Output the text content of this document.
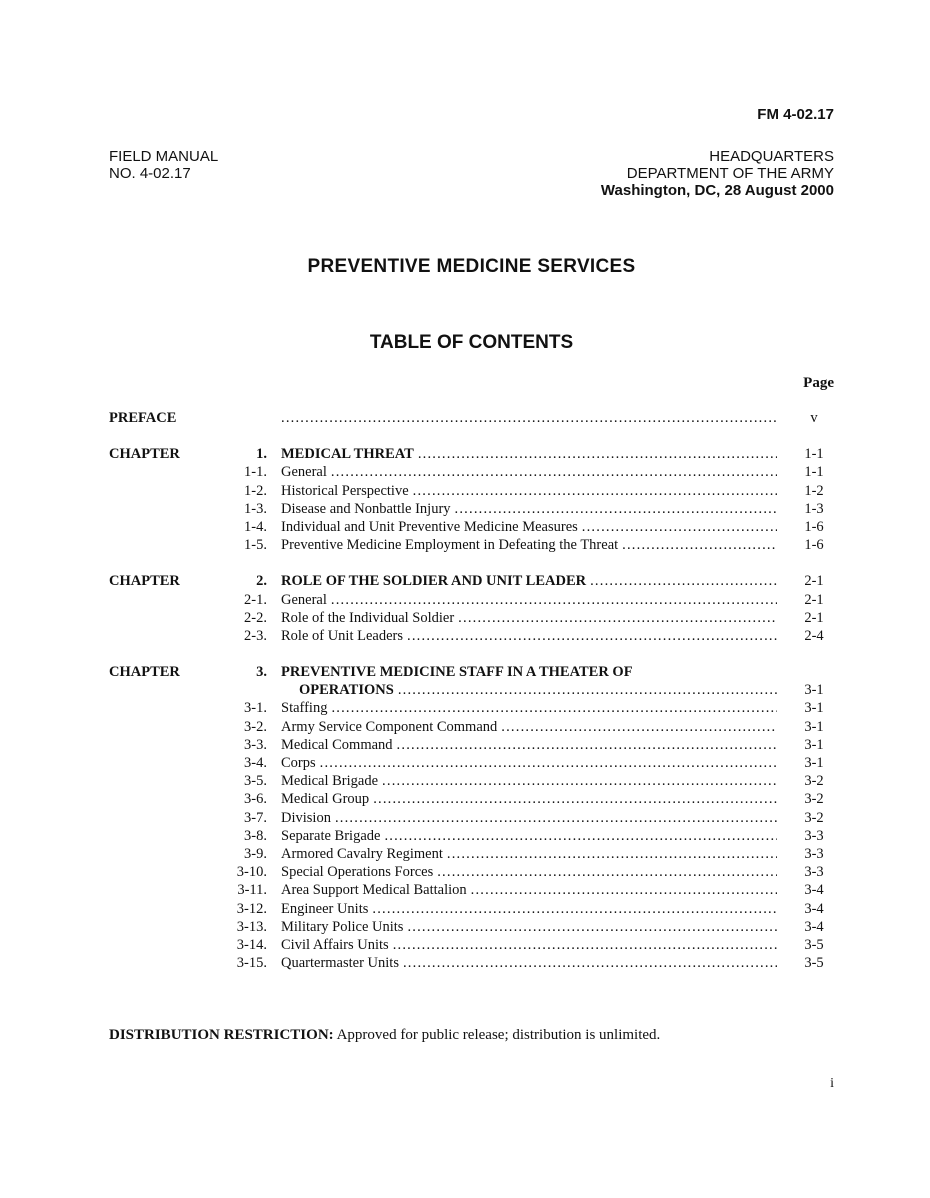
FM 4-02.17
FIELD MANUAL
NO. 4-02.17
HEADQUARTERS
DEPARTMENT OF THE ARMY
Washington, DC, 28 August 2000
PREVENTIVE MEDICINE SERVICES
TABLE OF CONTENTS
Page
PREFACE .....	v
CHAPTER	1. MEDICAL THREAT .....	1-1
1-1. General .....	1-1
1-2. Historical Perspective .....	1-2
1-3. Disease and Nonbattle Injury .....	1-3
1-4. Individual and Unit Preventive Medicine Measures .....	1-6
1-5. Preventive Medicine Employment in Defeating the Threat .....	1-6
CHAPTER	2. ROLE OF THE SOLDIER AND UNIT LEADER .....	2-1
2-1. General .....	2-1
2-2. Role of the Individual Soldier .....	2-1
2-3. Role of Unit Leaders .....	2-4
CHAPTER	3. PREVENTIVE MEDICINE STAFF IN A THEATER OF
OPERATIONS .....	3-1
3-1. Staffing .....	3-1
3-2. Army Service Component Command .....	3-1
3-3. Medical Command .....	3-1
3-4. Corps .....	3-1
3-5. Medical Brigade .....	3-2
3-6. Medical Group .....	3-2
3-7. Division .....	3-2
3-8. Separate Brigade .....	3-3
3-9. Armored Cavalry Regiment .....	3-3
3-10. Special Operations Forces .....	3-3
3-11. Area Support Medical Battalion .....	3-4
3-12. Engineer Units .....	3-4
3-13. Military Police Units .....	3-4
3-14. Civil Affairs Units .....	3-5
3-15. Quartermaster Units .....	3-5
DISTRIBUTION RESTRICTION: Approved for public release; distribution is unlimited.
i
